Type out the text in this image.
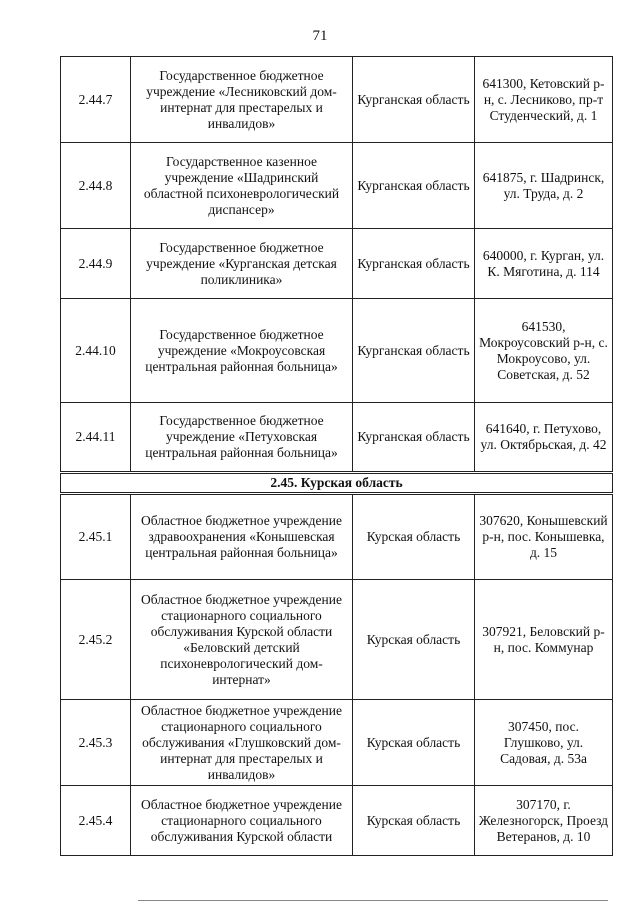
71
2.44.7	Государственное бюджетное учреждение «Лесниковский дом-интернат для престарелых и инвалидов»	Курганская область	641300, Кетовский р-н, с. Лесниково, пр-т Студенческий, д. 1
2.44.8	Государственное казенное учреждение «Шадринский областной психоневрологический диспансер»	Курганская область	641875, г. Шадринск, ул. Труда, д. 2
2.44.9	Государственное бюджетное учреждение «Курганская детская поликлиника»	Курганская область	640000, г. Курган, ул. К. Мяготина, д. 114
2.44.10	Государственное бюджетное учреждение «Мокроусовская центральная районная больница»	Курганская область	641530, Мокроусовский р-н, с. Мокроусово, ул. Советская, д. 52
2.44.11	Государственное бюджетное учреждение «Петуховская центральная районная больница»	Курганская область	641640, г. Петухово, ул. Октябрьская, д. 42
2.45. Курская область			
2.45.1	Областное бюджетное учреждение здравоохранения «Конышевская центральная районная больница»	Курская область	307620, Конышевский р-н, пос. Конышевка, д. 15
2.45.2	Областное бюджетное учреждение стационарного социального обслуживания Курской области «Беловский детский психоневрологический дом-интернат»	Курская область	307921, Беловский р-н, пос. Коммунар
2.45.3	Областное бюджетное учреждение стационарного социального обслуживания «Глушковский дом-интернат для престарелых и инвалидов»	Курская область	307450, пос. Глушково, ул. Садовая, д. 53а
2.45.4	Областное бюджетное учреждение стационарного социального обслуживания Курской области	Курская область	307170, г. Железногорск, Проезд Ветеранов, д. 10
